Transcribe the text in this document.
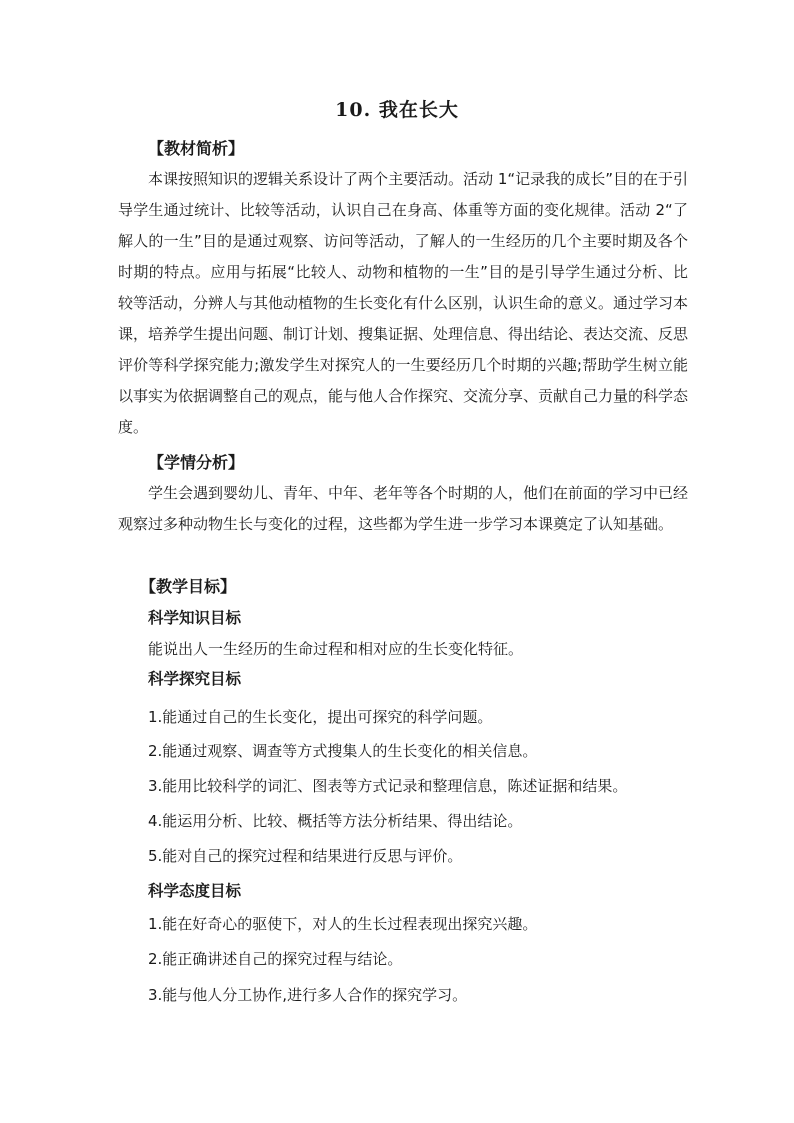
10. 我在长大
【教材简析】

本课按照知识的逻辑关系设计了两个主要活动。活动 1“记录我的成长”目的在于引导学生通过统计、比较等活动，认识自己在身高、体重等方面的变化规律。活动 2“了解人的一生”目的是通过观察、访问等活动，了解人的一生经历的几个主要时期及各个时期的特点。应用与拓展“比较人、动物和植物的一生”目的是引导学生通过分析、比较等活动，分辨人与其他动植物的生长变化有什么区别，认识生命的意义。通过学习本课，培养学生提出问题、制订计划、搜集证据、处理信息、得出结论、表达交流、反思评价等科学探究能力;激发学生对探究人的一生要经历几个时期的兴趣;帮助学生树立能以事实为依据调整自己的观点，能与他人合作探究、交流分享、贡献自己力量的科学态度。

【学情分析】

学生会遇到婴幼儿、青年、中年、老年等各个时期的人，他们在前面的学习中已经观察过多种动物生长与变化的过程，这些都为学生进一步学习本课奠定了认知基础。

【教学目标】
科学知识目标
能说出人一生经历的生命过程和相对应的生长变化特征。
科学探究目标
1.能通过自己的生长变化，提出可探究的科学问题。
2.能通过观察、调查等方式搜集人的生长变化的相关信息。
3.能用比较科学的词汇、图表等方式记录和整理信息，陈述证据和结果。
4.能运用分析、比较、概括等方法分析结果、得出结论。
5.能对自己的探究过程和结果进行反思与评价。
科学态度目标
1.能在好奇心的驱使下，对人的生长过程表现出探究兴趣。
2.能正确讲述自己的探究过程与结论。
3.能与他人分工协作,进行多人合作的探究学习。
